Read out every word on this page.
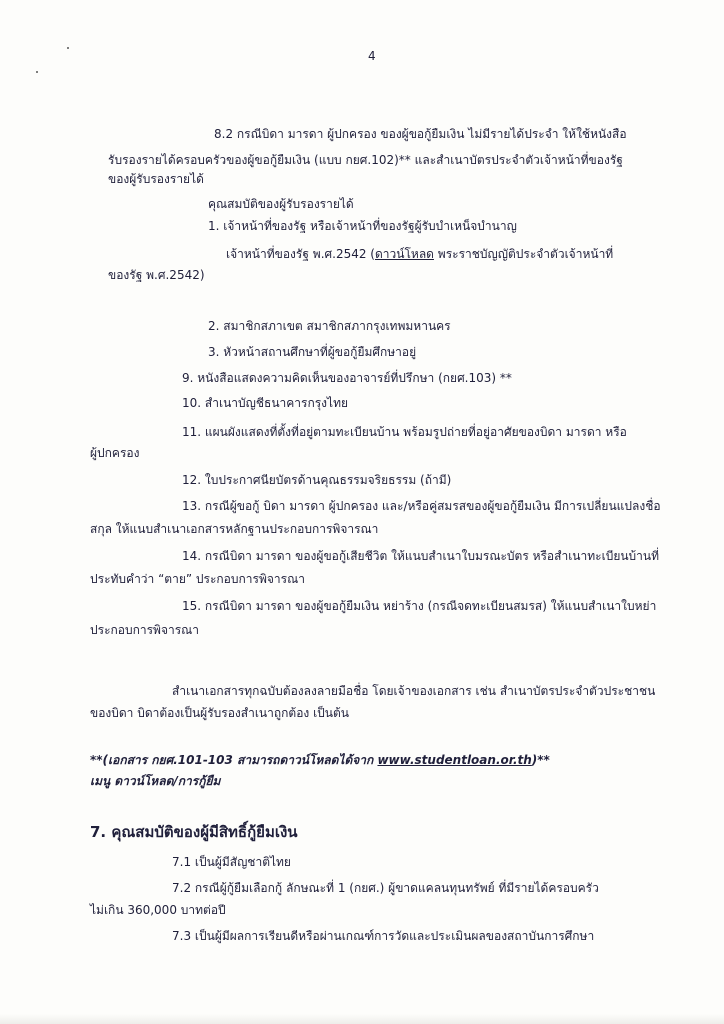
4
8.2 กรณีบิดา มารดา ผู้ปกครอง ของผู้ขอกู้ยืมเงิน ไม่มีรายได้ประจำ ให้ใช้หนังสือ
รับรองรายได้ครอบครัวของผู้ขอกู้ยืมเงิน (แบบ กยศ.102)** และสำเนาบัตรประจำตัวเจ้าหน้าที่ของรัฐ
ของผู้รับรองรายได้
คุณสมบัติของผู้รับรองรายได้
1. เจ้าหน้าที่ของรัฐ หรือเจ้าหน้าที่ของรัฐผู้รับบำเหน็จบำนาญ
เจ้าหน้าที่ของรัฐ พ.ศ.2542 (ดาวน์โหลด พระราชบัญญัติประจำตัวเจ้าหน้าที่
ของรัฐ พ.ศ.2542)
2. สมาชิกสภาเขต สมาชิกสภากรุงเทพมหานคร
3. หัวหน้าสถานศึกษาที่ผู้ขอกู้ยืมศึกษาอยู่
9. หนังสือแสดงความคิดเห็นของอาจารย์ที่ปรึกษา (กยศ.103) **
10. สำเนาบัญชีธนาคารกรุงไทย
11. แผนผังแสดงที่ตั้งที่อยู่ตามทะเบียนบ้าน พร้อมรูปถ่ายที่อยู่อาศัยของบิดา มารดา หรือ
ผู้ปกครอง
12. ใบประกาศนียบัตรด้านคุณธรรมจริยธรรม (ถ้ามี)
13. กรณีผู้ขอกู้ บิดา มารดา ผู้ปกครอง และ/หรือคู่สมรสของผู้ขอกู้ยืมเงิน มีการเปลี่ยนแปลงชื่อ
สกุล ให้แนบสำเนาเอกสารหลักฐานประกอบการพิจารณา
14. กรณีบิดา มารดา ของผู้ขอกู้เสียชีวิต ให้แนบสำเนาใบมรณะบัตร หรือสำเนาทะเบียนบ้านที่
ประทับคำว่า “ตาย” ประกอบการพิจารณา
15. กรณีบิดา มารดา ของผู้ขอกู้ยืมเงิน หย่าร้าง (กรณีจดทะเบียนสมรส) ให้แนบสำเนาใบหย่า
ประกอบการพิจารณา
สำเนาเอกสารทุกฉบับต้องลงลายมือชื่อ โดยเจ้าของเอกสาร เช่น สำเนาบัตรประจำตัวประชาชน
ของบิดา บิดาต้องเป็นผู้รับรองสำเนาถูกต้อง เป็นต้น
**(เอกสาร กยศ.101-103 สามารถดาวน์โหลดได้จาก www.studentloan.or.th)**
เมนู ดาวน์โหลด/การกู้ยืม
7. คุณสมบัติของผู้มีสิทธิ์กู้ยืมเงิน
7.1 เป็นผู้มีสัญชาติไทย
7.2 กรณีผู้กู้ยืมเลือกกู้ ลักษณะที่ 1 (กยศ.) ผู้ขาดแคลนทุนทรัพย์ ที่มีรายได้ครอบครัว
ไม่เกิน 360,000 บาทต่อปี
7.3 เป็นผู้มีผลการเรียนดีหรือผ่านเกณฑ์การวัดและประเมินผลของสถาบันการศึกษา
